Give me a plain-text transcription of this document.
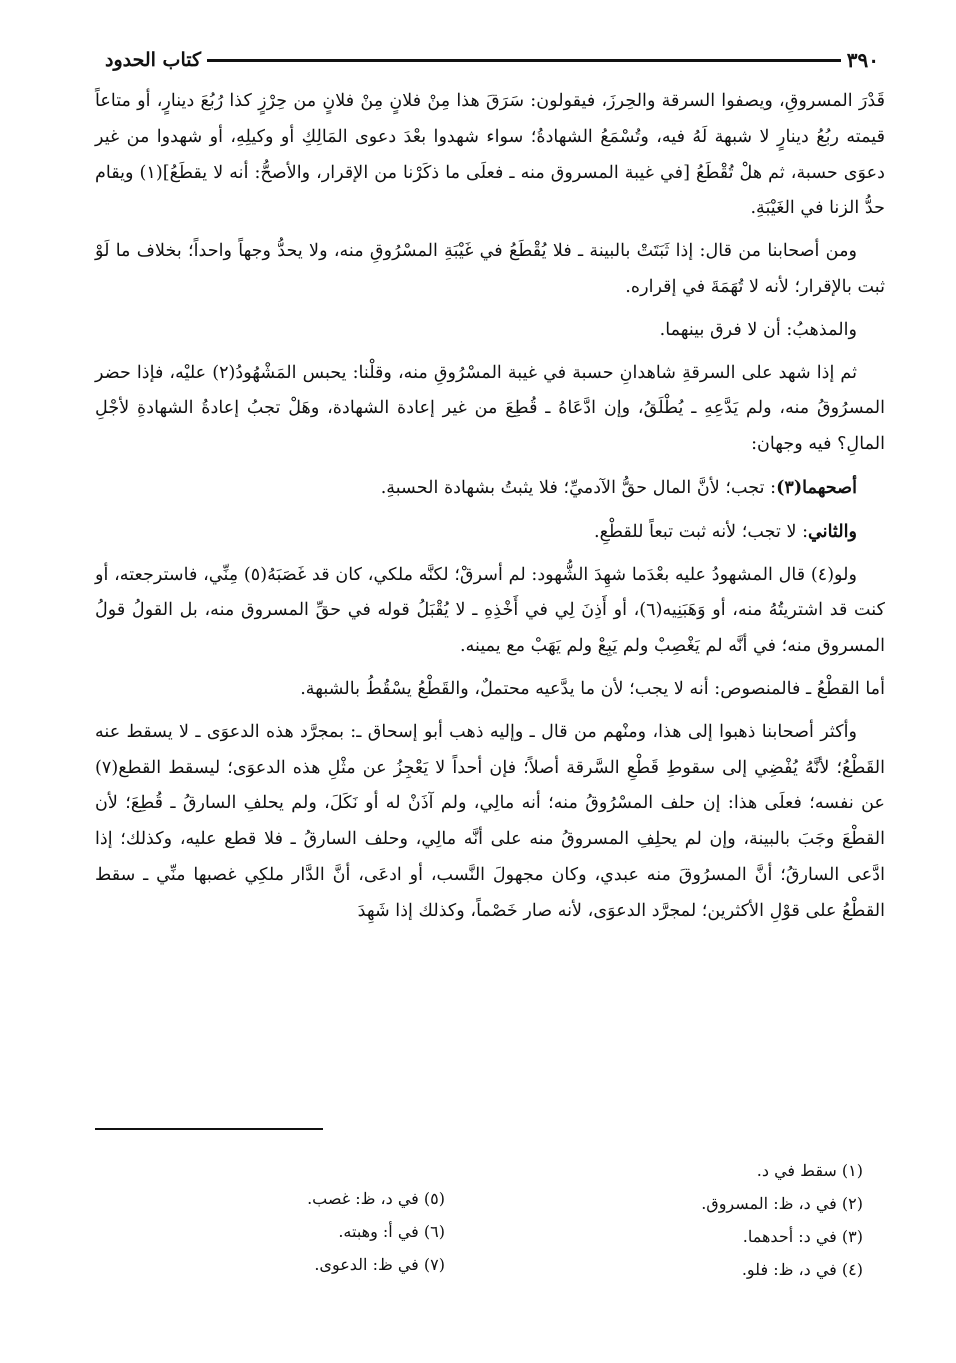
٣٩٠
كتاب الحدود

قَدْرَ المسروقِ، ويصفوا السرقة والحِرزَ، فيقولون: سَرَقَ هذا مِنْ فلانٍ مِنْ فلانٍ من حِرْزٍ كذا رُبُعَ دينارٍ، أو متاعاً قيمته ربُعُ دينارٍ لا شبهة لَهُ فيه، وتُسْمَعُ الشهادةُ؛ سواء شهدوا بعْدَ دعوى المَالِكِ أو وكيلِهِ، أو شهدوا من غير دعوَى حسبة، ثم هلْ تُقْطَعُ [في غيبة المسروق منه ـ فعلَى ما ذكَرْنا من الإقرار، والأصحُّ: أنه لا يقطَعُ](١) ويقام حدُّ الزنا في الغَيْبَةِ.

ومن أصحابنا من قال: إذا ثَبَتَتْ بالبينة ـ فلا يُقْطَعُ في غَيْبَةِ المسْرُوقِ منه، ولا يحدُّ وجهاً واحداً؛ بخلاف ما لَوْ ثبت بالإقرار؛ لأنه لا تُهَمَةَ في إقراره.

والمذهبُ: أن لا فرق بينهما.

ثم إذا شهد على السرقةِ شاهدانِ حسبة في غيبة المسْرُوقِ منه، وقلْنا: يحبس المَشْهُودُ(٢) عليْه، فإذا حضر المسرُوقُ منه، ولم يَدَّعِهِ ـ يُطْلَقُ، وإن ادَّعَاهُ ـ قُطِعَ من غير إعادة الشهادة، وهَلْ تجبُ إعادةُ الشهادةِ لأجْلِ المالِ؟ فيه وجهان:

أصحهما(٣): تجب؛ لأنَّ المال حقُّ الآدميِّ؛ فلا يثبتُ بشهادة الحسبةِ.

والثاني: لا تجب؛ لأنه ثبت تبعاً للقطْعِ.

ولو(٤) قال المشهودُ عليه بعْدَما شهِدَ الشُّهود: لم أسرقْ؛ لكنَّه ملكي، كان قد غَصَبَهُ(٥) مِنِّي، فاسترجعته، أو كنت قد اشتريتُهُ منه، أو وَهَبَنِيه(٦)، أو أَذِنَ لِي في أَخْذِهِ ـ لا يُقْبَلُ قوله في حقِّ المسروق منه، بل القولُ قولُ المسروق منه؛ في أنَّه لم يَغْصِبْ ولم يَبِعْ ولم يَهَبْ مع يمينه.

أما القطْعُ ـ فالمنصوص: أنه لا يجب؛ لأن ما يدَّعيه محتملٌ، والقَطْعُ يسْقُطُ بالشبهة.

وأكثر أصحابنا ذهبوا إلى هذا، ومنْهم من قال ـ وإليه ذهب أبو إسحاق ـ: بمجرَّد هذه الدعوَى ـ لا يسقط عنه القَطْعُ؛ لأنَّهُ يُفْضِي إلى سقوطِ قَطْعِ السَّرقة أصلاً؛ فإن أحداً لا يَعْجِزُ عن مثْلِ هذه الدعوَى؛ ليسقط القطع(٧) عن نفسه؛ فعلَى هذا: إن حلف المسْرُوقُ منه؛ أنه مالِي، ولم آذَنْ له أو نَكَلَ، ولم يحلفِ السارقُ ـ قُطِعَ؛ لأن القطْعَ وجَبَ بالبينة، وإن لم يحلِفِ المسروقُ منه على أنَّه مالِي، وحلف السارقُ ـ فلا قطع عليه، وكذلك؛ إذا ادَّعى السارقُ؛ أنَّ المسرُوقَ منه عبدي، وكان مجهولَ النَّسب، أو ادعَى، أنَّ الدَّار ملكِي غصبها منِّي ـ سقط القطْعُ على قوْلِ الأكثرين؛ لمجرَّد الدعوَى، لأنه صار خَصْماً، وكذلك إذا شَهِدَ

(١) سقط في د.
(٢) في د، ظ: المسروق.
(٣) في د: أحدهما.
(٤) في د، ظ: فلو.
(٥) في د، ظ: غصب.
(٦) في أ: وهبته.
(٧) في ظ: الدعوى.
